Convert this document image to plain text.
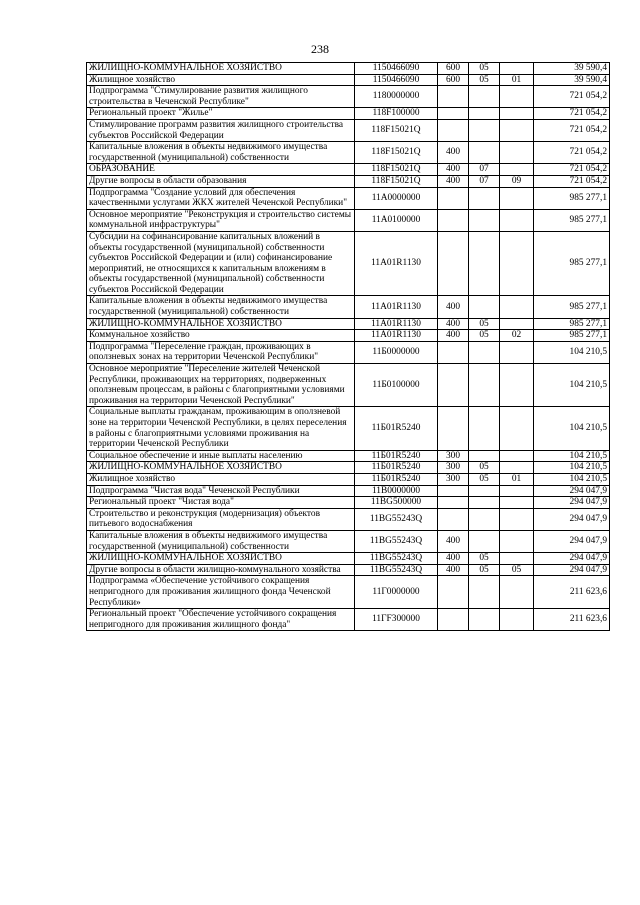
238
ЖИЛИЩНО-КОММУНАЛЬНОЕ ХОЗЯЙСТВО	1150466090	600	05		39 590,4
Жилищное хозяйство	1150466090	600	05	01	39 590,4
Подпрограмма "Стимулирование развития жилищного строительства в Чеченской Республике"	1180000000				721 054,2
Региональный проект "Жилье"	118F100000				721 054,2
Стимулирование программ развития жилищного строительства субъектов Российской Федерации	118F15021Q				721 054,2
Капитальные вложения в объекты недвижимого имущества государственной (муниципальной) собственности	118F15021Q	400			721 054,2
ОБРАЗОВАНИЕ	118F15021Q	400	07		721 054,2
Другие вопросы в области образования	118F15021Q	400	07	09	721 054,2
Подпрограмма "Создание условий для обеспечения качественными услугами ЖКХ жителей Чеченской Республики"	11А0000000				985 277,1
Основное мероприятие "Реконструкция и строительство системы коммунальной инфраструктуры"	11А0100000				985 277,1
Субсидии на софинансирование капитальных вложений в объекты государственной (муниципальной) собственности субъектов Российской Федерации и (или) софинансирование мероприятий, не относящихся к капитальным вложениям в объекты государственной (муниципальной) собственности субъектов Российской Федерации	11А01R1130				985 277,1
Капитальные вложения в объекты недвижимого имущества государственной (муниципальной) собственности	11А01R1130	400			985 277,1
ЖИЛИЩНО-КОММУНАЛЬНОЕ ХОЗЯЙСТВО	11А01R1130	400	05		985 277,1
Коммунальное хозяйство	11А01R1130	400	05	02	985 277,1
Подпрограмма "Переселение граждан, проживающих в оползневых зонах на территории Чеченской Республики"	11Б0000000				104 210,5
Основное мероприятие "Переселение жителей Чеченской Республики, проживающих на территориях, подверженных оползневым процессам, в районы с благоприятными условиями проживания на территории Чеченской Республики"	11Б0100000				104 210,5
Социальные выплаты гражданам, проживающим в оползневой зоне на территории Чеченской Республики, в целях переселения в районы с благоприятными условиями проживания на территории Чеченской Республики	11Б01R5240				104 210,5
Социальное обеспечение и иные выплаты населению	11Б01R5240	300			104 210,5
ЖИЛИЩНО-КОММУНАЛЬНОЕ ХОЗЯЙСТВО	11Б01R5240	300	05		104 210,5
Жилищное хозяйство	11Б01R5240	300	05	01	104 210,5
Подпрограмма "Чистая вода" Чеченской Республики	11В0000000				294 047,9
Региональный проект "Чистая вода"	11ВG500000				294 047,9
Строительство и реконструкция (модернизация) объектов питьевого водоснабжения	11ВG55243Q				294 047,9
Капитальные вложения в объекты недвижимого имущества государственной (муниципальной) собственности	11ВG55243Q	400			294 047,9
ЖИЛИЩНО-КОММУНАЛЬНОЕ ХОЗЯЙСТВО	11ВG55243Q	400	05		294 047,9
Другие вопросы в области жилищно-коммунального хозяйства	11ВG55243Q	400	05	05	294 047,9
Подпрограмма «Обеспечение устойчивого сокращения непригодного для проживания жилищного фонда Чеченской Республики»	11Г0000000				211 623,6
Региональный проект "Обеспечение устойчивого сокращения непригодного для проживания жилищного фонда"	11ГF300000				211 623,6
